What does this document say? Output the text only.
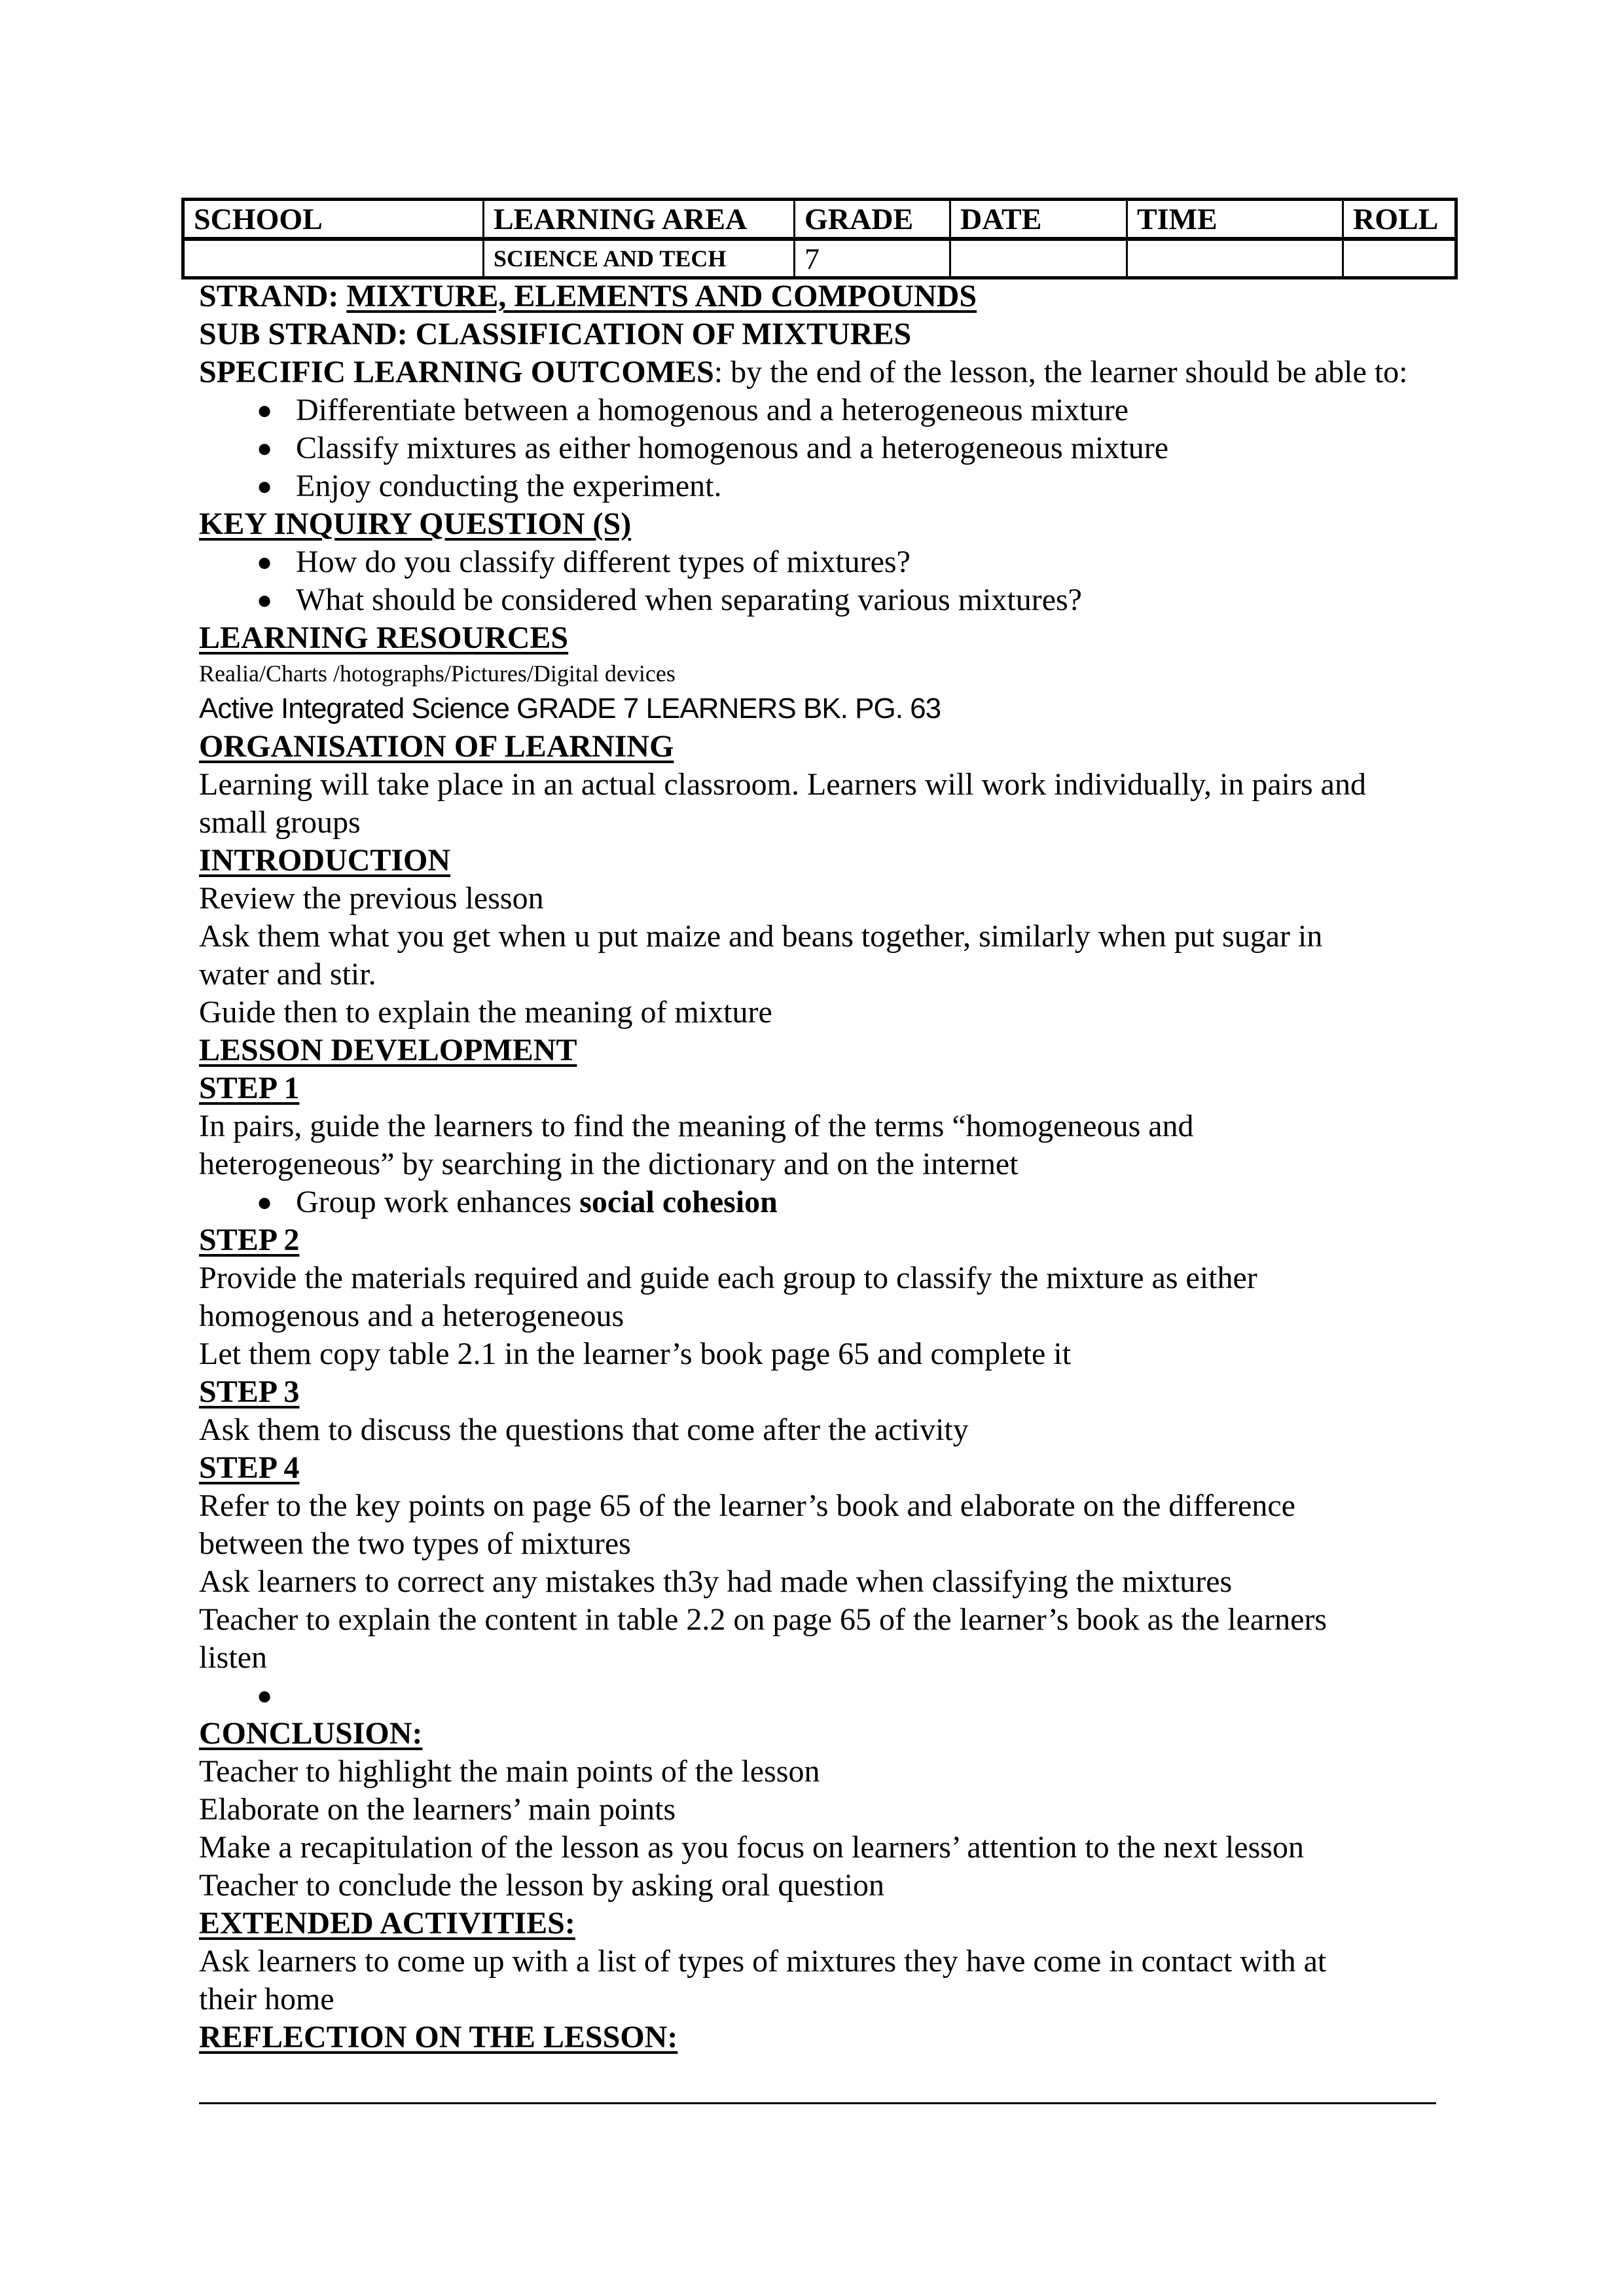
SCHOOL	LEARNING AREA	GRADE	DATE	TIME	ROLL
	SCIENCE AND TECH	7			
STRAND: MIXTURE, ELEMENTS AND COMPOUNDS
SUB STRAND: CLASSIFICATION OF MIXTURES
SPECIFIC LEARNING OUTCOMES: by the end of the lesson, the learner should be able to:
● Differentiate between a homogenous and a heterogeneous mixture
● Classify mixtures as either homogenous and a heterogeneous mixture
● Enjoy conducting the experiment.
KEY INQUIRY QUESTION (S)
● How do you classify different types of mixtures?
● What should be considered when separating various mixtures?
LEARNING RESOURCES
Realia/Charts /hotographs/Pictures/Digital devices
Active Integrated Science GRADE 7 LEARNERS BK. PG. 63
ORGANISATION OF LEARNING
Learning will take place in an actual classroom. Learners will work individually, in pairs and
small groups
INTRODUCTION
Review the previous lesson
Ask them what you get when u put maize and beans together, similarly when put sugar in
water and stir.
Guide then to explain the meaning of mixture
LESSON DEVELOPMENT
STEP 1
In pairs, guide the learners to find the meaning of the terms “homogeneous and
heterogeneous” by searching in the dictionary and on the internet
● Group work enhances social cohesion
STEP 2
Provide the materials required and guide each group to classify the mixture as either
homogenous and a heterogeneous
Let them copy table 2.1 in the learner’s book page 65 and complete it
STEP 3
Ask them to discuss the questions that come after the activity
STEP 4
Refer to the key points on page 65 of the learner’s book and elaborate on the difference
between the two types of mixtures
Ask learners to correct any mistakes th3y had made when classifying the mixtures
Teacher to explain the content in table 2.2 on page 65 of the learner’s book as the learners
listen
●
CONCLUSION:
Teacher to highlight the main points of the lesson
Elaborate on the learners’ main points
Make a recapitulation of the lesson as you focus on learners’ attention to the next lesson
Teacher to conclude the lesson by asking oral question
EXTENDED ACTIVITIES:
Ask learners to come up with a list of types of mixtures they have come in contact with at
their home
REFLECTION ON THE LESSON:
